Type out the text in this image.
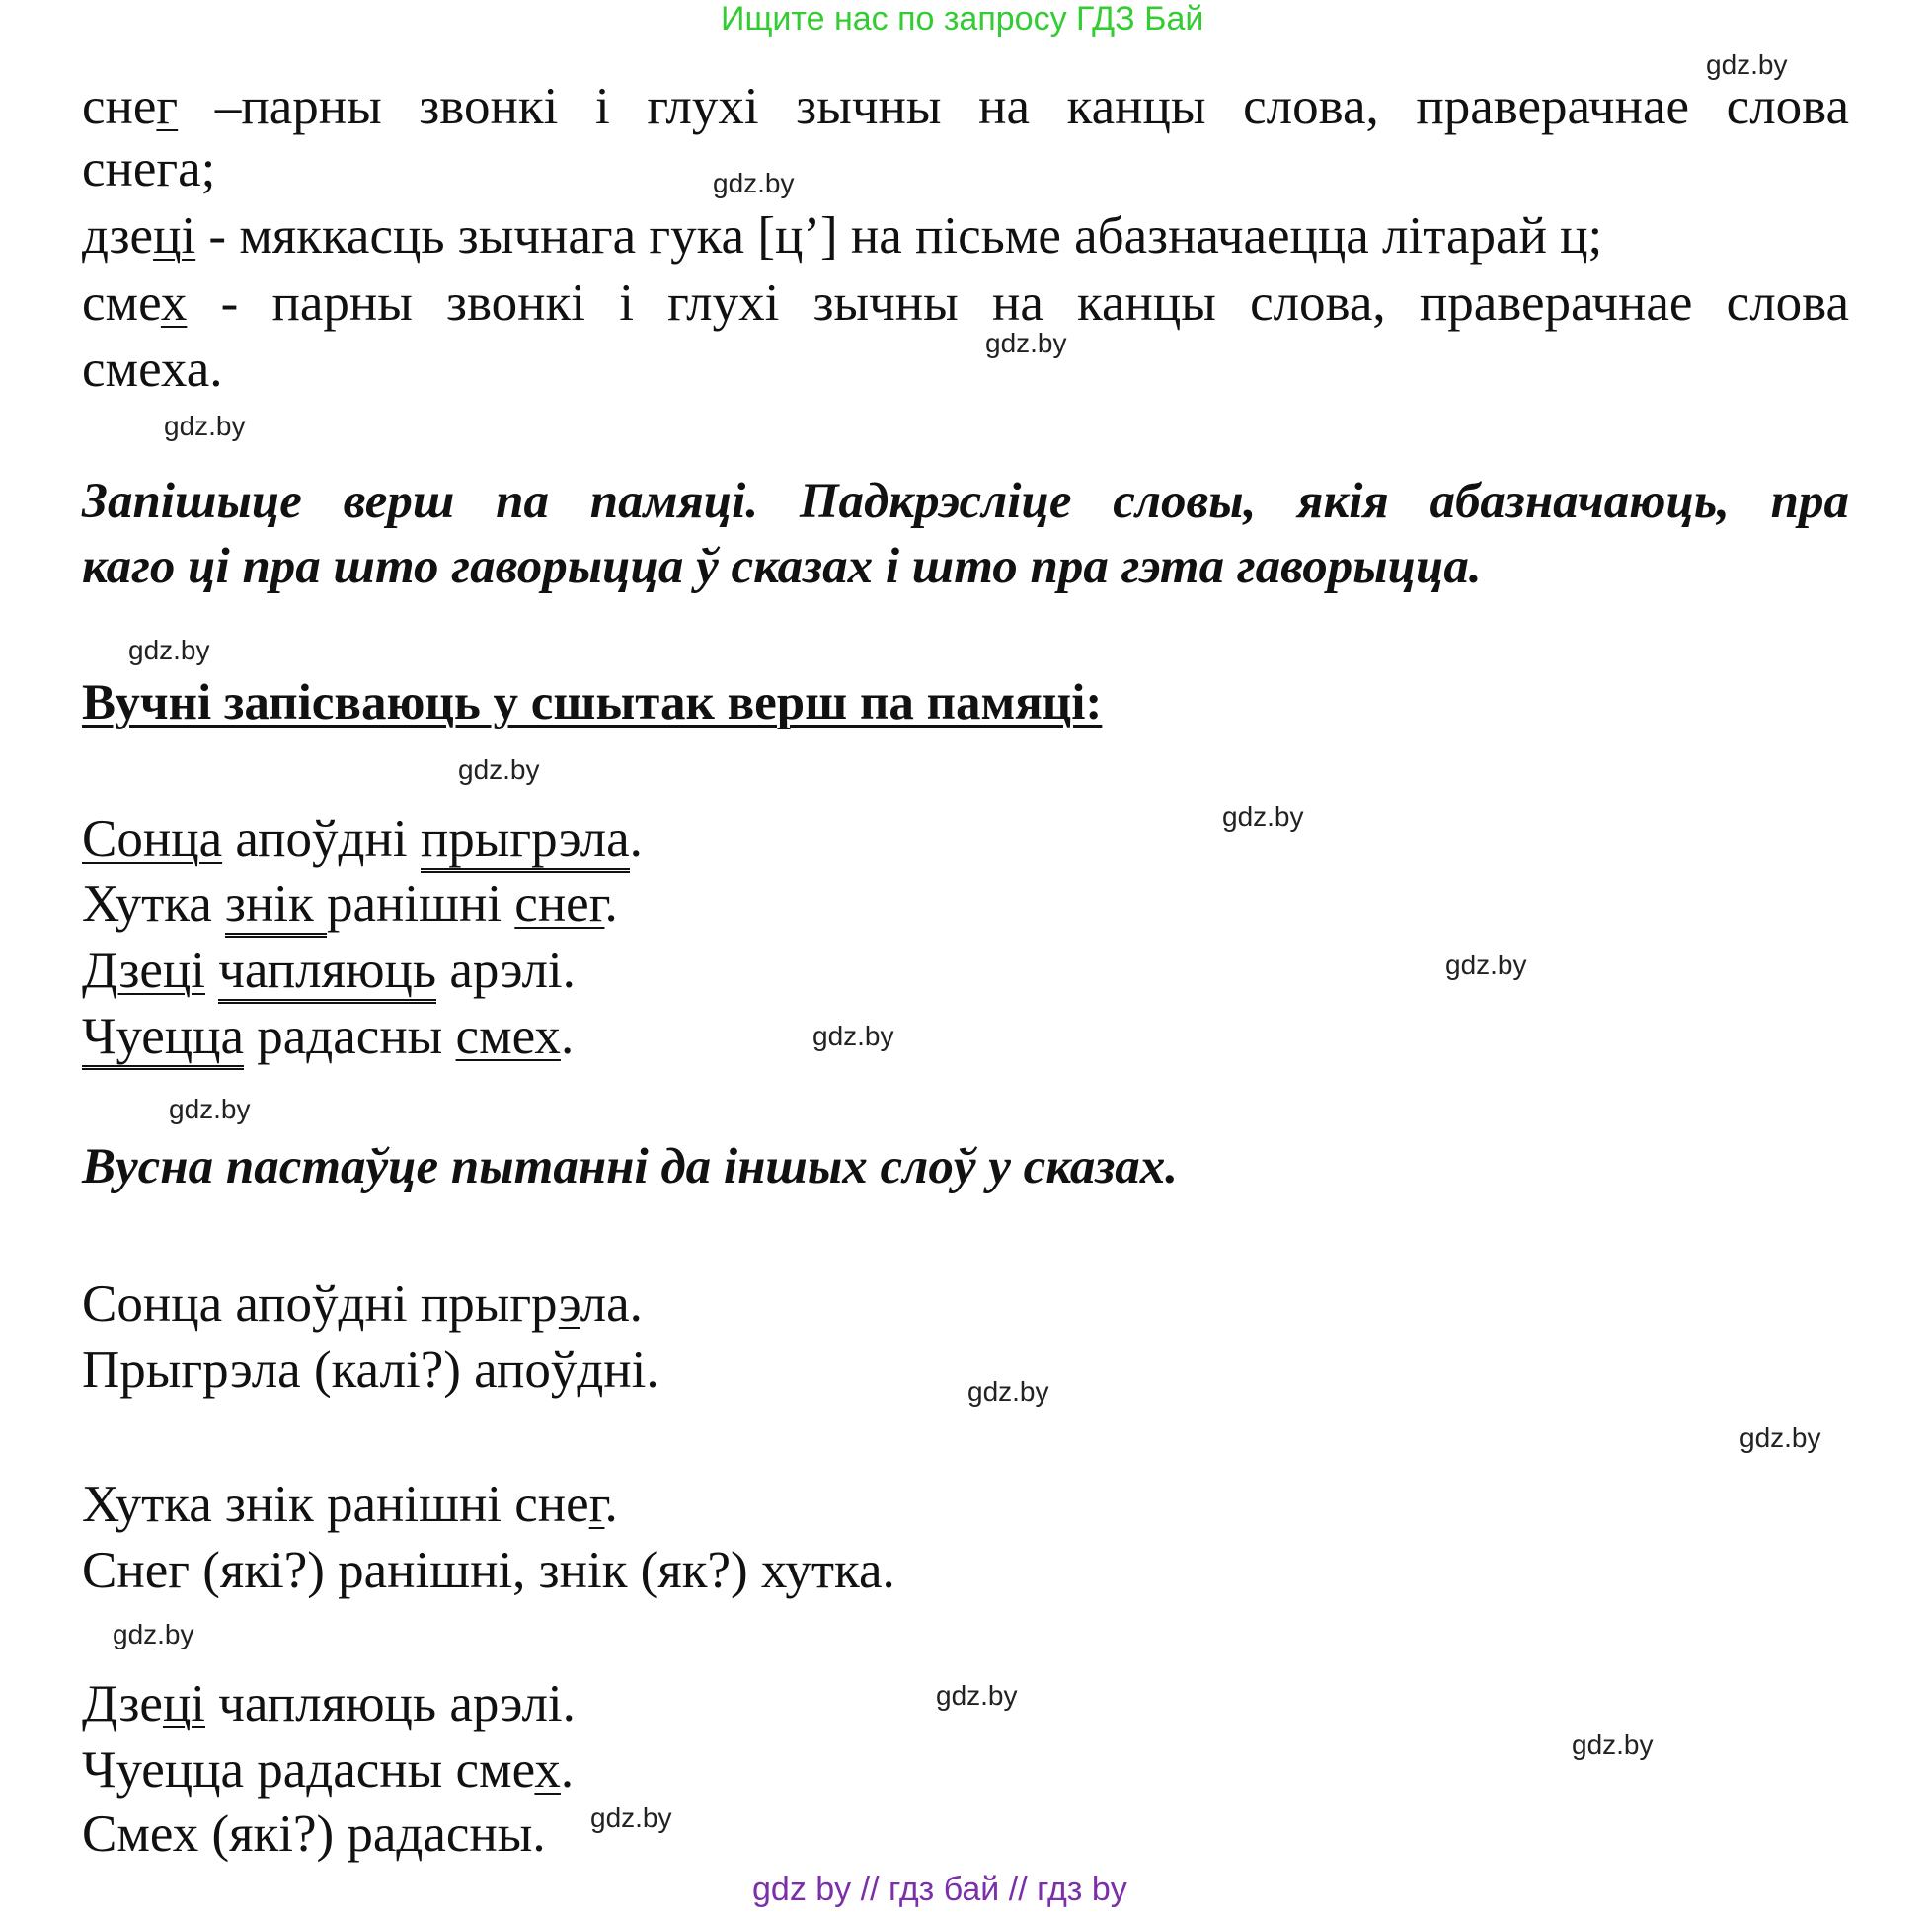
Ищите нас по запросу ГДЗ Бай
снег –парны звонкі і глухі зычны на канцы слова, праверачнае слова
снега;
дзеці - мяккасць зычнага гука [ц’] на пісьме абазначаецца літарай ц;
смех - парны звонкі і глухі зычны на канцы слова, праверачнае слова
смеха.
Запішыце верш па памяці. Падкрэсліце словы, якія абазначаюць, пра
каго ці пра што гаворыцца ў сказах і што пра гэта гаворыцца.
Вучні запісваюць у сшытак верш па памяці:
Сонца апоўдні прыгрэла.
Хутка знік ранішні снег.
Дзеці чапляюць арэлі.
Чуецца радасны смех.
Вусна пастаўце пытанні да іншых слоў у сказах.
Сонца апоўдні прыгрэла.
Прыгрэла (калі?) апоўдні.
Хутка знік ранішні снег.
Снег (які?) ранішні, знік (як?) хутка.
Дзеці чапляюць арэлі.
Чуецца радасны смех.
Смех (які?) радасны.
gdz.by
gdz.by
gdz.by
gdz.by
gdz.by
gdz.by
gdz.by
gdz.by
gdz.by
gdz.by
gdz.by
gdz.by
gdz.by
gdz.by
gdz.by
gdz.by
gdz by // гдз бай // гдз by
